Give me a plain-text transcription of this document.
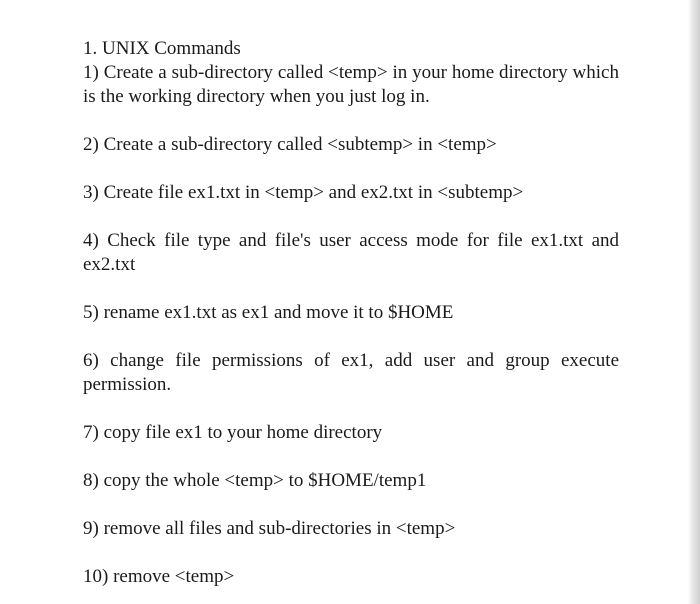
1. UNIX Commands

1) Create a sub-directory called <temp> in your home directory which is the working directory when you just log in.

2) Create a sub-directory called <subtemp> in <temp>

3) Create file ex1.txt in <temp> and ex2.txt in <subtemp>

4) Check file type and file's user access mode for file ex1.txt and ex2.txt

5) rename ex1.txt as ex1 and move it to $HOME

6) change file permissions of ex1, add user and group execute permission.

7) copy file ex1 to your home directory

8) copy the whole <temp> to $HOME/temp1

9) remove all files and sub-directories in <temp>

10) remove <temp>
